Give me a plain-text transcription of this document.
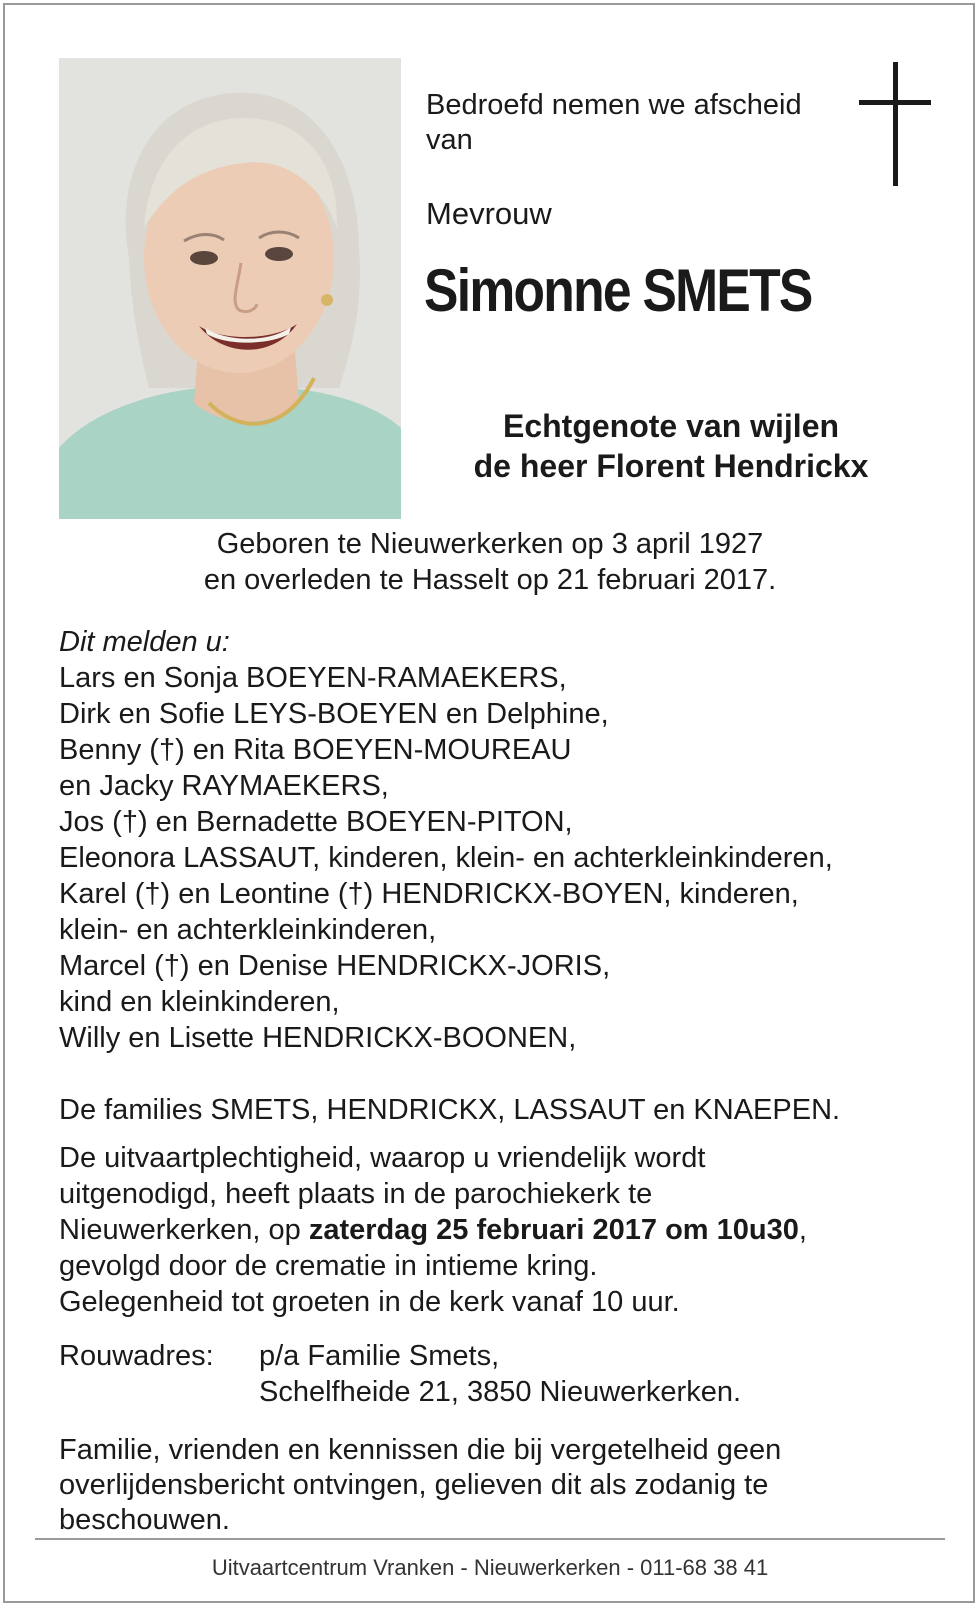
Bedroefd nemen we afscheid
van
Mevrouw
Simonne SMETS
Echtgenote van wijlen
de heer Florent Hendrickx
Geboren te Nieuwerkerken op 3 april 1927
en overleden te Hasselt op 21 februari 2017.
Dit melden u:
Lars en Sonja BOEYEN-RAMAEKERS,
Dirk en Sofie LEYS-BOEYEN en Delphine,
Benny (†) en Rita BOEYEN-MOUREAU
en Jacky RAYMAEKERS,
Jos (†) en Bernadette BOEYEN-PITON,
Eleonora LASSAUT, kinderen, klein- en achterkleinkinderen,
Karel (†) en Leontine (†) HENDRICKX-BOYEN, kinderen,
klein- en achterkleinkinderen,
Marcel (†) en Denise HENDRICKX-JORIS,
kind en kleinkinderen,
Willy en Lisette HENDRICKX-BOONEN,
De families SMETS, HENDRICKX, LASSAUT en KNAEPEN.
De uitvaartplechtigheid, waarop u vriendelijk wordt
uitgenodigd, heeft plaats in de parochiekerk te
Nieuwerkerken, op zaterdag 25 februari 2017 om 10u30,
gevolgd door de crematie in intieme kring.
Gelegenheid tot groeten in de kerk vanaf 10 uur.
Rouwadres: p/a Familie Smets,
Schelfheide 21, 3850 Nieuwerkerken.
Familie, vrienden en kennissen die bij vergetelheid geen
overlijdensbericht ontvingen, gelieven dit als zodanig te
beschouwen.
Uitvaartcentrum Vranken - Nieuwerkerken - 011-68 38 41
